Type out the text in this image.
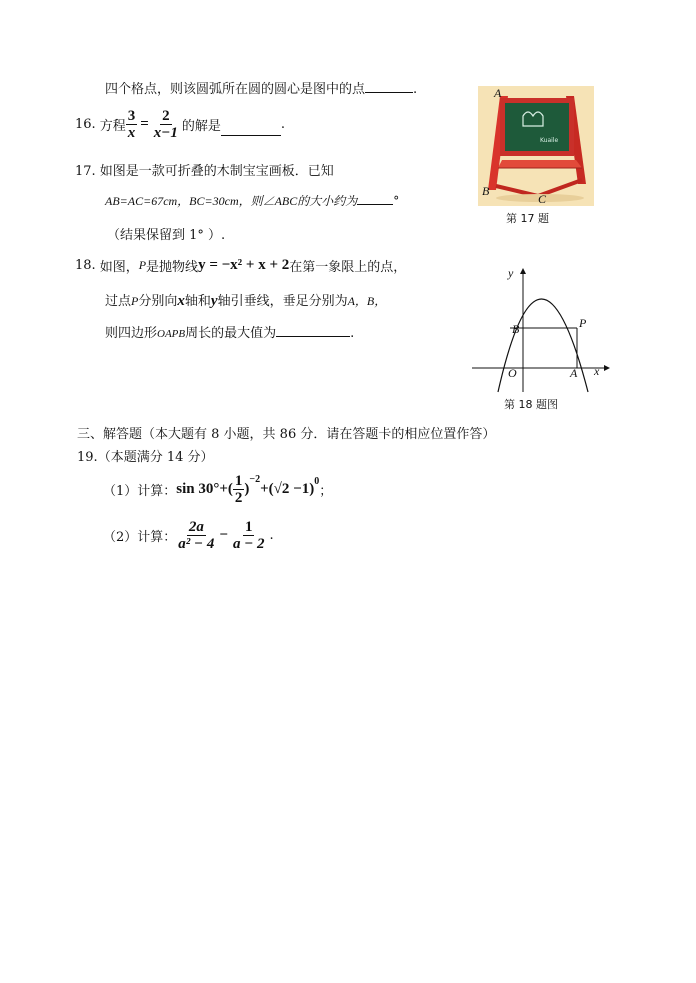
四个格点，则该圆弧所在圆的圆心是图中的点	.
16. 方程 $\frac{3}{x} = \frac{2}{x-1}$ 的解是	.
17. 如图是一款可折叠的木制宝宝画板．已知
AB=AC=67cm，BC=30cm，则∠ABC的大小约为	°
（结果保留到 1° ）.
Kuaile
A
B
C
第 17 题
18. 如图， P 是抛物线 y = −x² + x + 2 在第一象限上的点，
过点P分别向x轴和y轴引垂线，垂足分别为A，B，
则四边形OAPB周长的最大值为	.
y
x
O	A
B	P
第 18 题图
三、解答题（本大题有 8 小题，共 86 分．请在答题卡的相应位置作答）
19.（本题满分 14 分）
（1）计算： $\sin 30^\circ+( \frac{1}{2}$ )
$^{-2}$
$+(√2 -1)^0$
；
（2）计算： $\frac{2a}{\text{a² − 4}} - \frac{1}{a - 2}$ .
